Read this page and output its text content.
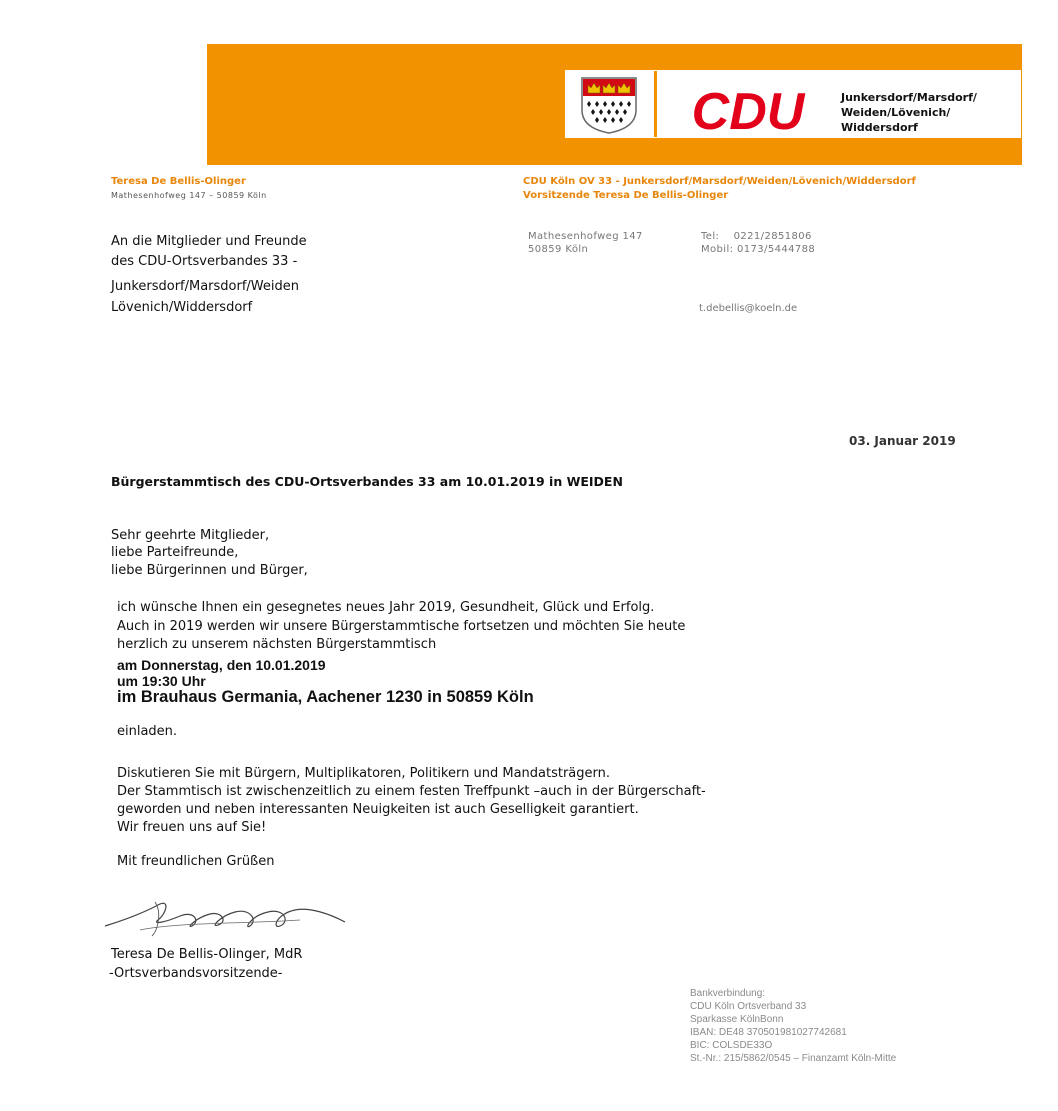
CDU	Junkersdorf/Marsdorf/
Weiden/Lövenich/
Widdersdorf
Teresa De Bellis-Olinger
Mathesenhofweg 147 – 50859 Köln
CDU Köln OV 33 - Junkersdorf/Marsdorf/Weiden/Lövenich/Widdersdorf
Vorsitzende Teresa De Bellis-Olinger
An die Mitglieder und Freunde
des CDU-Ortsverbandes 33 -
Junkersdorf/Marsdorf/Weiden
Lövenich/Widdersdorf
Mathesenhofweg 147
50859 Köln
Tel:    0221/2851806
Mobil: 0173/5444788
t.debellis@koeln.de
03. Januar 2019
Bürgerstammtisch des CDU-Ortsverbandes 33 am 10.01.2019 in WEIDEN
Sehr geehrte Mitglieder,
liebe Parteifreunde,
liebe Bürgerinnen und Bürger,
ich wünsche Ihnen ein gesegnetes neues Jahr 2019, Gesundheit, Glück und Erfolg.
Auch in 2019 werden wir unsere Bürgerstammtische fortsetzen und möchten Sie heute
herzlich zu unserem nächsten Bürgerstammtisch
am Donnerstag, den 10.01.2019
um 19:30 Uhr
im Brauhaus Germania, Aachener 1230 in 50859 Köln
einladen.
Diskutieren Sie mit Bürgern, Multiplikatoren, Politikern und Mandatsträgern.
Der Stammtisch ist zwischenzeitlich zu einem festen Treffpunkt –auch in der Bürgerschaft-
geworden und neben interessanten Neuigkeiten ist auch Geselligkeit garantiert.
Wir freuen uns auf Sie!
Mit freundlichen Grüßen
Teresa De Bellis-Olinger, MdR
-Ortsverbandsvorsitzende-
Bankverbindung:
CDU Köln Ortsverband 33
Sparkasse KölnBonn
IBAN: DE48 370501981027742681
BIC: COLSDE33O
St.-Nr.: 215/5862/0545 – Finanzamt Köln-Mitte
